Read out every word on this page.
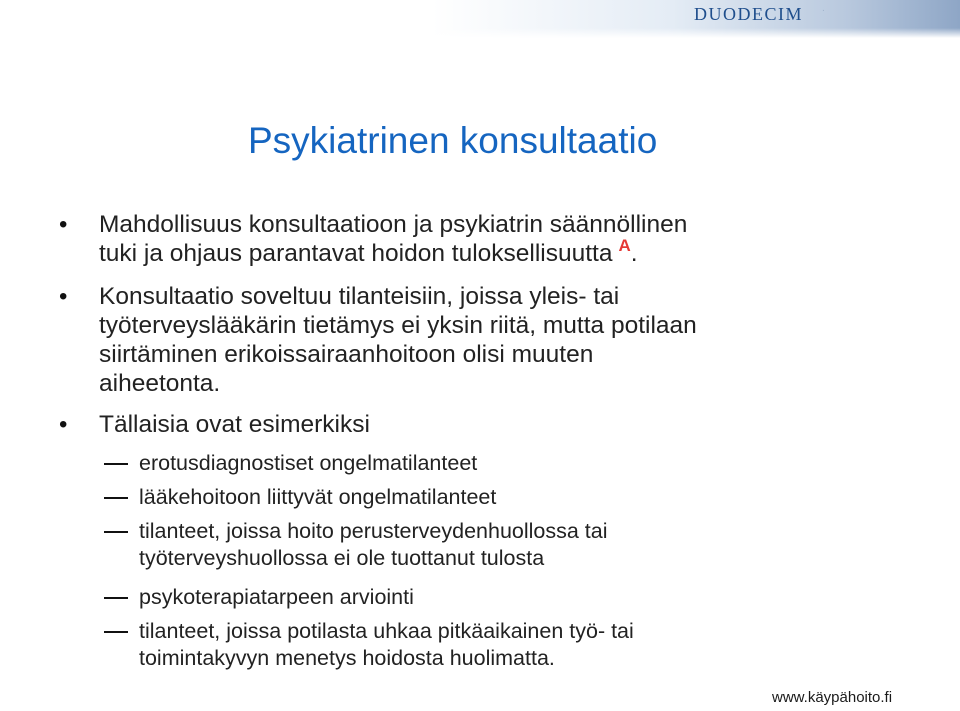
DUODECIM .
Psykiatrinen konsultaatio
• Mahdollisuus konsultaatioon ja psykiatrin säännöllinen
tuki ja ohjaus parantavat hoidon tuloksellisuutta $^A$.
• Konsultaatio soveltuu tilanteisiin, joissa yleis- tai
työterveyslääkärin tietämys ei yksin riitä, mutta potilaan
siirtäminen erikoissairaanhoitoon olisi muuten
aiheetonta.
• Tällaisia ovat esimerkiksi
erotusdiagnostiset ongelmatilanteet
lääkehoitoon liittyvät ongelmatilanteet
tilanteet, joissa hoito perusterveydenhuollossa tai
työterveyshuollossa ei ole tuottanut tulosta
psykoterapiatarpeen arviointi
tilanteet, joissa potilasta uhkaa pitkäaikainen työ- tai
toimintakyvyn menetys hoidosta huolimatta.
www.käypähoito.fi
